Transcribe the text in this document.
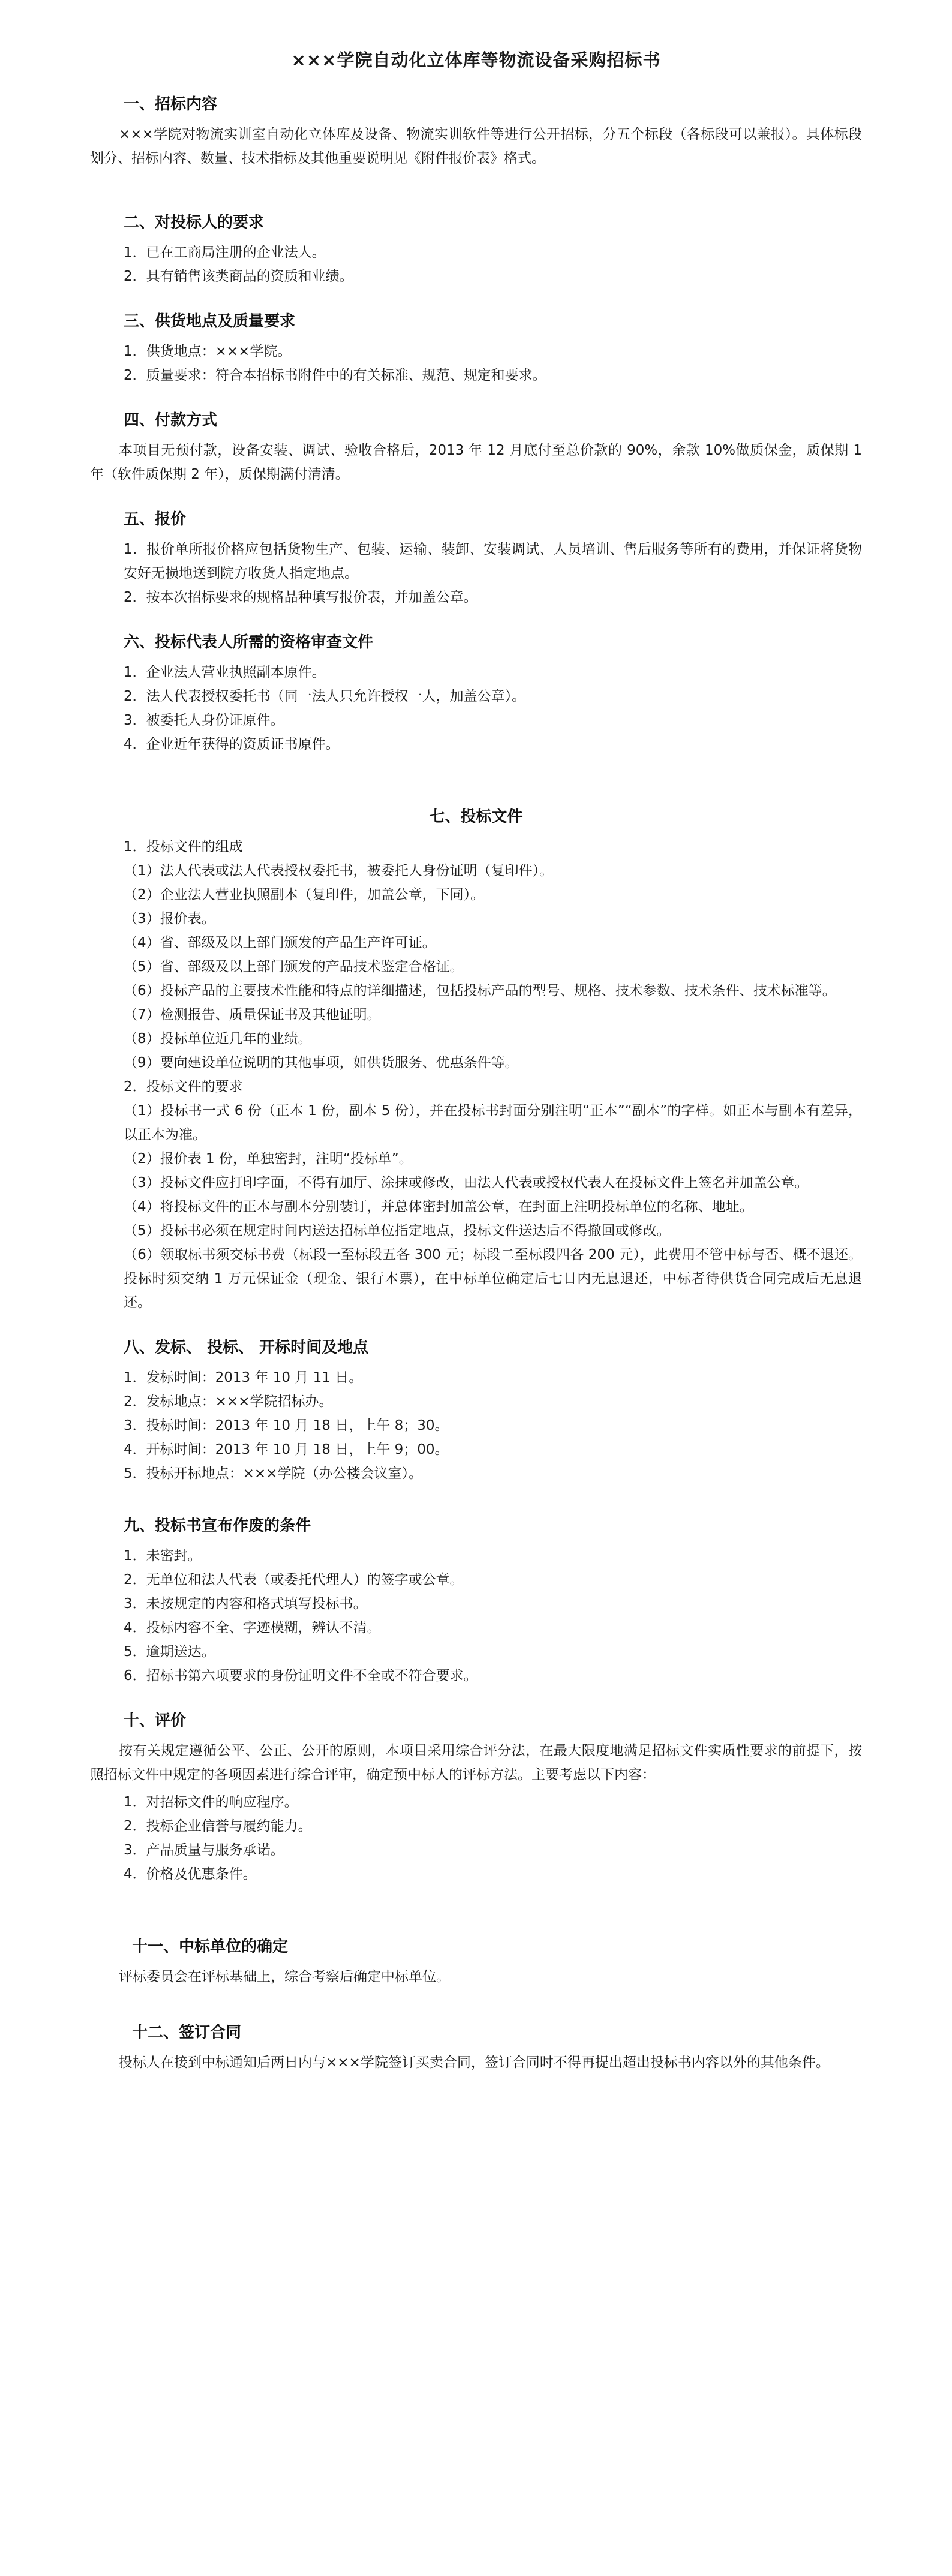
×××学院自动化立体库等物流设备采购招标书
一、招标内容

×××学院对物流实训室自动化立体库及设备、物流实训软件等进行公开招标，分五个标段（各标段可以兼报）。具体标段划分、招标内容、数量、技术指标及其他重要说明见《附件报价表》格式。

二、对投标人的要求

1．已在工商局注册的企业法人。

2．具有销售该类商品的资质和业绩。

三、供货地点及质量要求

1．供货地点：×××学院。

2．质量要求：符合本招标书附件中的有关标准、规范、规定和要求。

四、付款方式

本项目无预付款，设备安装、调试、验收合格后，2013 年 12 月底付至总价款的 90%，余款 10%做质保金，质保期 1 年（软件质保期 2 年），质保期满付清清。

五、报价

1．报价单所报价格应包括货物生产、包装、运输、装卸、安装调试、人员培训、售后服务等所有的费用，并保证将货物安好无损地送到院方收货人指定地点。

2．按本次招标要求的规格品种填写报价表，并加盖公章。

六、投标代表人所需的资格审查文件

1．企业法人营业执照副本原件。

2．法人代表授权委托书（同一法人只允许授权一人，加盖公章）。

3．被委托人身份证原件。

4．企业近年获得的资质证书原件。

七、投标文件

1．投标文件的组成

（1）法人代表或法人代表授权委托书，被委托人身份证明（复印件）。

（2）企业法人营业执照副本（复印件，加盖公章，下同）。

（3）报价表。

（4）省、部级及以上部门颁发的产品生产许可证。

（5）省、部级及以上部门颁发的产品技术鉴定合格证。

（6）投标产品的主要技术性能和特点的详细描述，包括投标产品的型号、规格、技术参数、技术条件、技术标准等。

（7）检测报告、质量保证书及其他证明。

（8）投标单位近几年的业绩。

（9）要向建设单位说明的其他事项，如供货服务、优惠条件等。

2．投标文件的要求

（1）投标书一式 6 份（正本 1 份，副本 5 份），并在投标书封面分别注明“正本”“副本”的字样。如正本与副本有差异，以正本为准。

（2）报价表 1 份，单独密封，注明“投标单”。

（3）投标文件应打印字面，不得有加厅、涂抹或修改，由法人代表或授权代表人在投标文件上签名并加盖公章。

（4）将投标文件的正本与副本分别装订，并总体密封加盖公章，在封面上注明投标单位的名称、地址。

（5）投标书必须在规定时间内送达招标单位指定地点，投标文件送达后不得撤回或修改。

（6）领取标书须交标书费（标段一至标段五各 300 元；标段二至标段四各 200 元），此费用不管中标与否、概不退还。投标时须交纳 1 万元保证金（现金、银行本票），在中标单位确定后七日内无息退还，中标者待供货合同完成后无息退还。

八、发标、 投标、 开标时间及地点

1．发标时间：2013 年 10 月 11 日。

2．发标地点：×××学院招标办。

3．投标时间：2013 年 10 月 18 日，上午 8；30。

4．开标时间：2013 年 10 月 18 日，上午 9；00。

5．投标开标地点：×××学院（办公楼会议室）。

九、投标书宣布作废的条件

1．未密封。

2．无单位和法人代表（或委托代理人）的签字或公章。

3．未按规定的内容和格式填写投标书。

4．投标内容不全、字迹模糊，辨认不清。

5．逾期送达。

6．招标书第六项要求的身份证明文件不全或不符合要求。

十、评价

按有关规定遵循公平、公正、公开的原则，本项目采用综合评分法，在最大限度地满足招标文件实质性要求的前提下，按照招标文件中规定的各项因素进行综合评审，确定预中标人的评标方法。主要考虑以下内容：

1．对招标文件的响应程序。

2．投标企业信誉与履约能力。

3．产品质量与服务承诺。

4．价格及优惠条件。

十一、中标单位的确定

评标委员会在评标基础上，综合考察后确定中标单位。

十二、签订合同

投标人在接到中标通知后两日内与×××学院签订买卖合同，签订合同时不得再提出超出投标书内容以外的其他条件。
